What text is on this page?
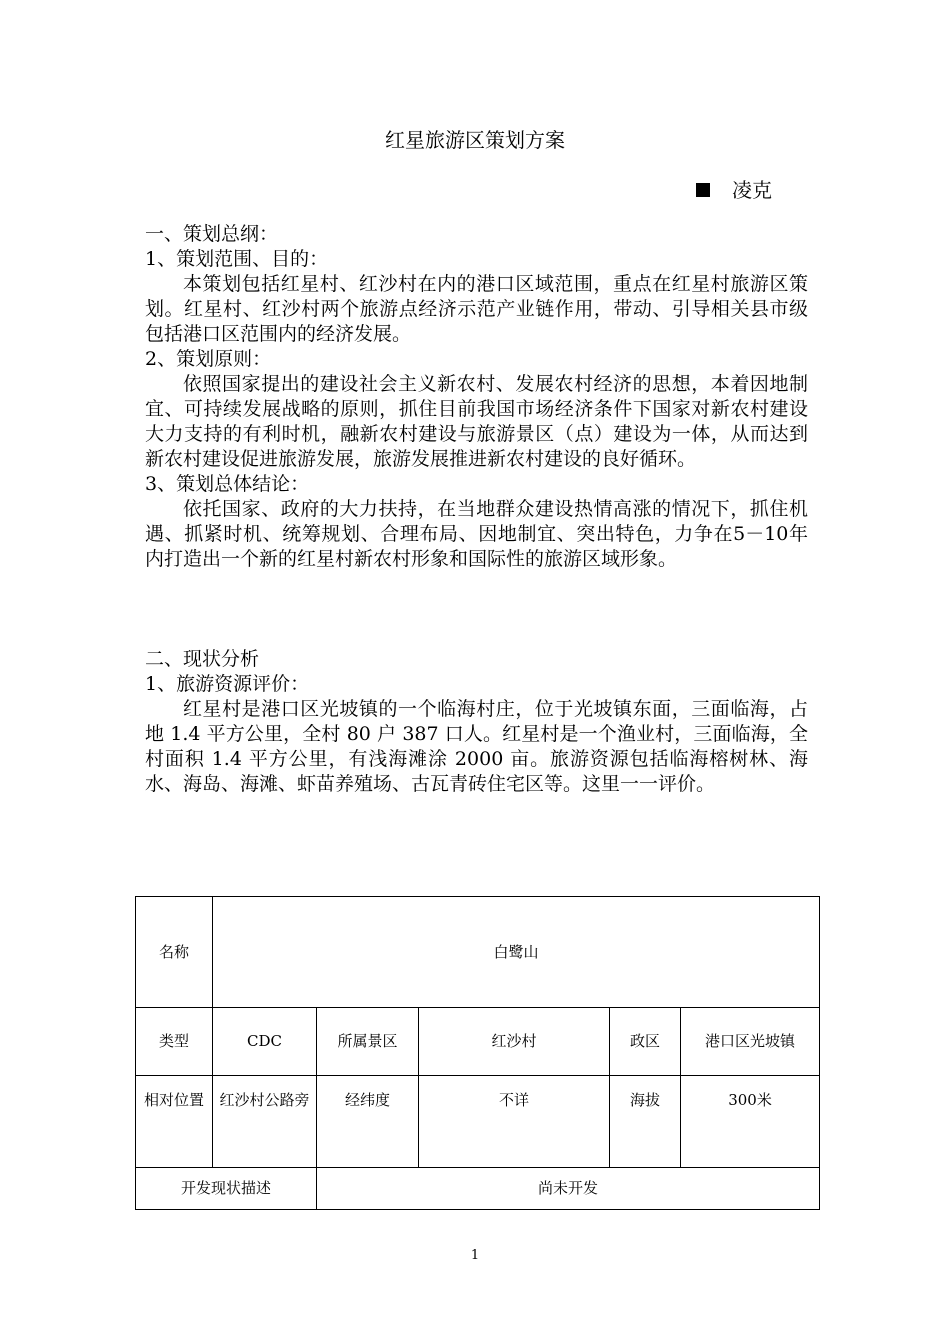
红星旅游区策划方案
凌克

一、策划总纲：

1、策划范围、目的：

本策划包括红星村、红沙村在内的港口区域范围，重点在红星村旅游区策划。红星村、红沙村两个旅游点经济示范产业链作用，带动、引导相关县市级包括港口区范围内的经济发展。

2、策划原则：

依照国家提出的建设社会主义新农村、发展农村经济的思想，本着因地制宜、可持续发展战略的原则，抓住目前我国市场经济条件下国家对新农村建设大力支持的有利时机，融新农村建设与旅游景区（点）建设为一体，从而达到新农村建设促进旅游发展，旅游发展推进新农村建设的良好循环。

3、策划总体结论：

依托国家、政府的大力扶持，在当地群众建设热情高涨的情况下，抓住机遇、抓紧时机、统筹规划、合理布局、因地制宜、突出特色，力争在5－10年内打造出一个新的红星村新农村形象和国际性的旅游区域形象。

二、现状分析

1、旅游资源评价：

红星村是港口区光坡镇的一个临海村庄，位于光坡镇东面，三面临海，占地 1.4 平方公里，全村 80 户 387 口人。红星村是一个渔业村，三面临海，全村面积 1.4 平方公里，有浅海滩涂 2000 亩。旅游资源包括临海榕树林、海水、海岛、海滩、虾苗养殖场、古瓦青砖住宅区等。这里一一评价。

名称	白鹭山				
类型	CDC	所属景区	红沙村	政区	港口区光坡镇
相对位置	红沙村公路旁	经纬度	不详	海拔	300米
开发现状描述		尚未开发			
1
